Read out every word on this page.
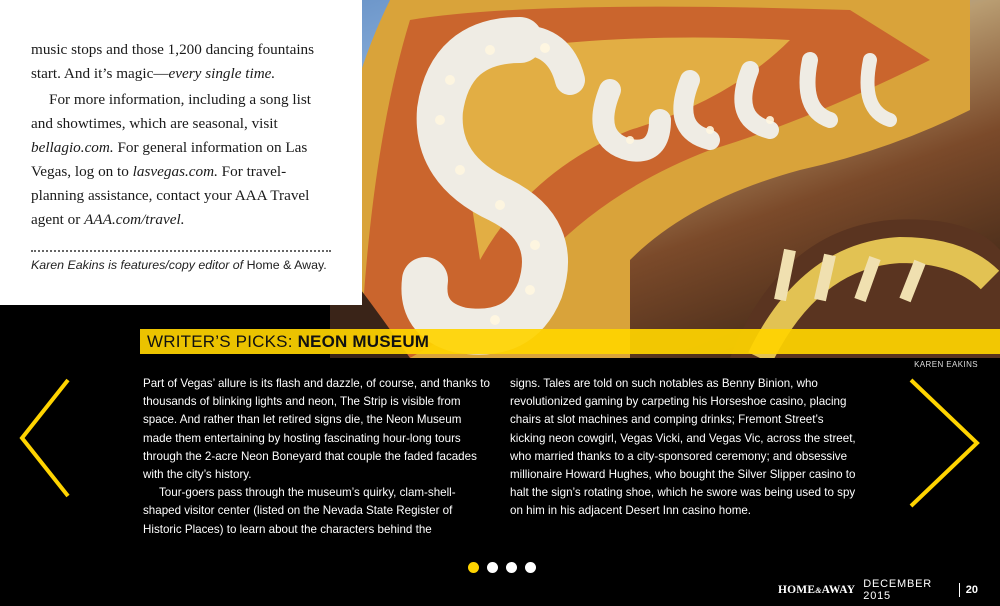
music stops and those 1,200 dancing fountains start. And it’s magic—every single time.

For more information, including a song list and showtimes, which are seasonal, visit bellagio.com. For general information on Las Vegas, log on to lasvegas.com. For travel-planning assistance, contact your AAA Travel agent or AAA.com/travel.

Karen Eakins is features/copy editor of Home & Away.
WRITER’S PICKS: NEON MUSEUM
KAREN EAKINS

Part of Vegas’ allure is its flash and dazzle, of course, and thanks to thousands of blinking lights and neon, The Strip is visible from space. And rather than let retired signs die, the Neon Museum made them entertaining by hosting fascinating hour-long tours through the 2-acre Neon Boneyard that couple the faded facades with the city’s history.

Tour-goers pass through the museum’s quirky, clam-shell-shaped visitor center (listed on the Nevada State Register of Historic Places) to learn about the characters behind the

signs. Tales are told on such notables as Benny Binion, who revolutionized gaming by carpeting his Horseshoe casino, placing chairs at slot machines and comping drinks; Fremont Street’s kicking neon cowgirl, Vegas Vicki, and Vegas Vic, across the street, who married thanks to a city-sponsored ceremony; and obsessive millionaire Howard Hughes, who bought the Silver Slipper casino to halt the sign’s rotating shoe, which he swore was being used to spy on him in his adjacent Desert Inn casino home.

HOME&AWAY DECEMBER 2015	20
